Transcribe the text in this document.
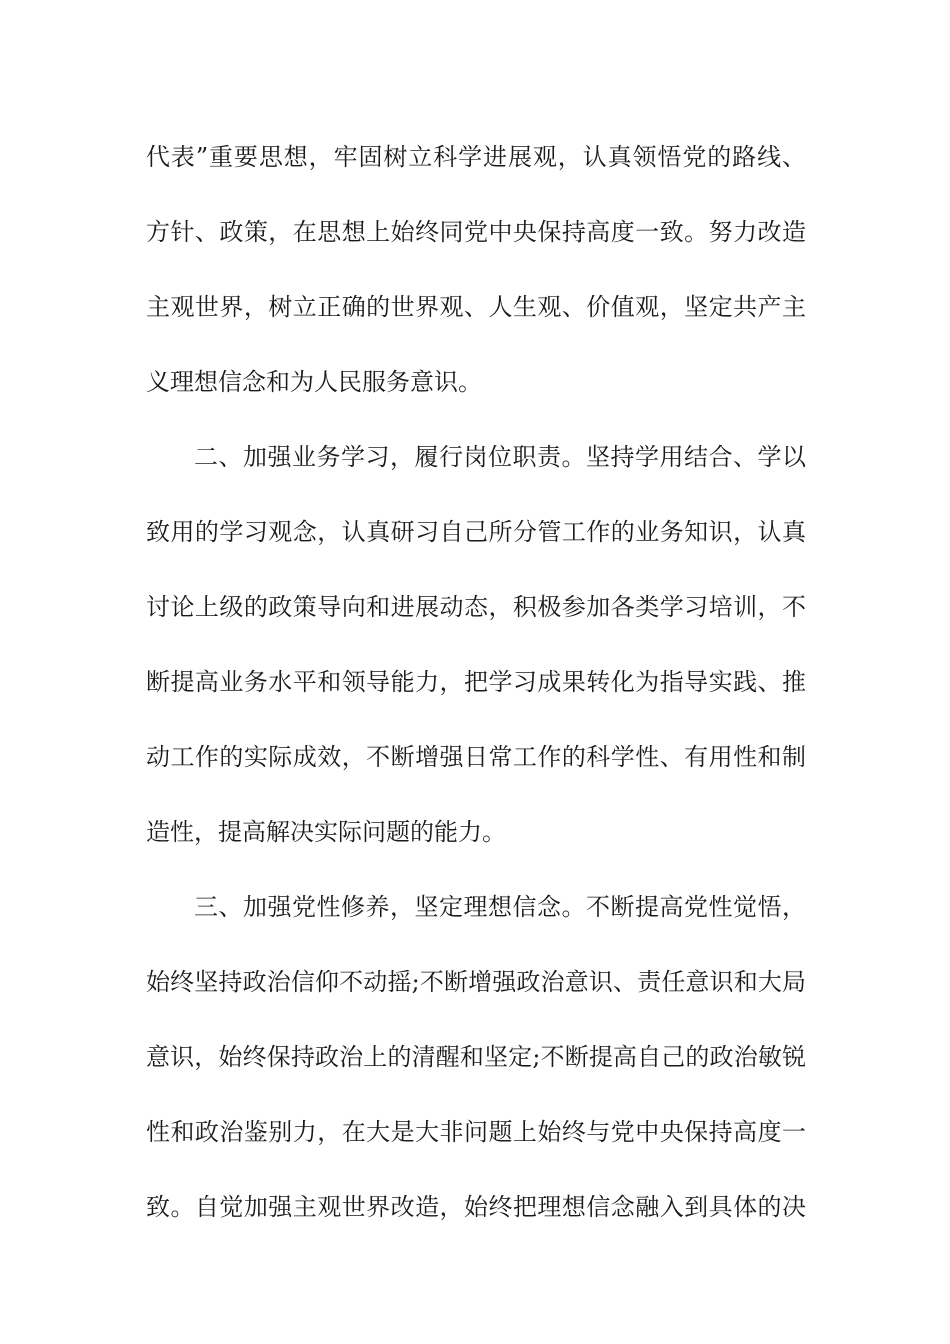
代表”重要思想，牢固树立科学进展观，认真领悟党的路线、
方针、政策，在思想上始终同党中央保持高度一致。努力改造
主观世界，树立正确的世界观、人生观、价值观，坚定共产主
义理想信念和为人民服务意识。
二、加强业务学习，履行岗位职责。坚持学用结合、学以
致用的学习观念，认真研习自己所分管工作的业务知识，认真
讨论上级的政策导向和进展动态，积极参加各类学习培训，不
断提高业务水平和领导能力，把学习成果转化为指导实践、推
动工作的实际成效，不断增强日常工作的科学性、有用性和制
造性，提高解决实际问题的能力。
三、加强党性修养，坚定理想信念。不断提高党性觉悟，
始终坚持政治信仰不动摇;不断增强政治意识、责任意识和大局
意识，始终保持政治上的清醒和坚定;不断提高自己的政治敏锐
性和政治鉴别力，在大是大非问题上始终与党中央保持高度一
致。自觉加强主观世界改造，始终把理想信念融入到具体的决
